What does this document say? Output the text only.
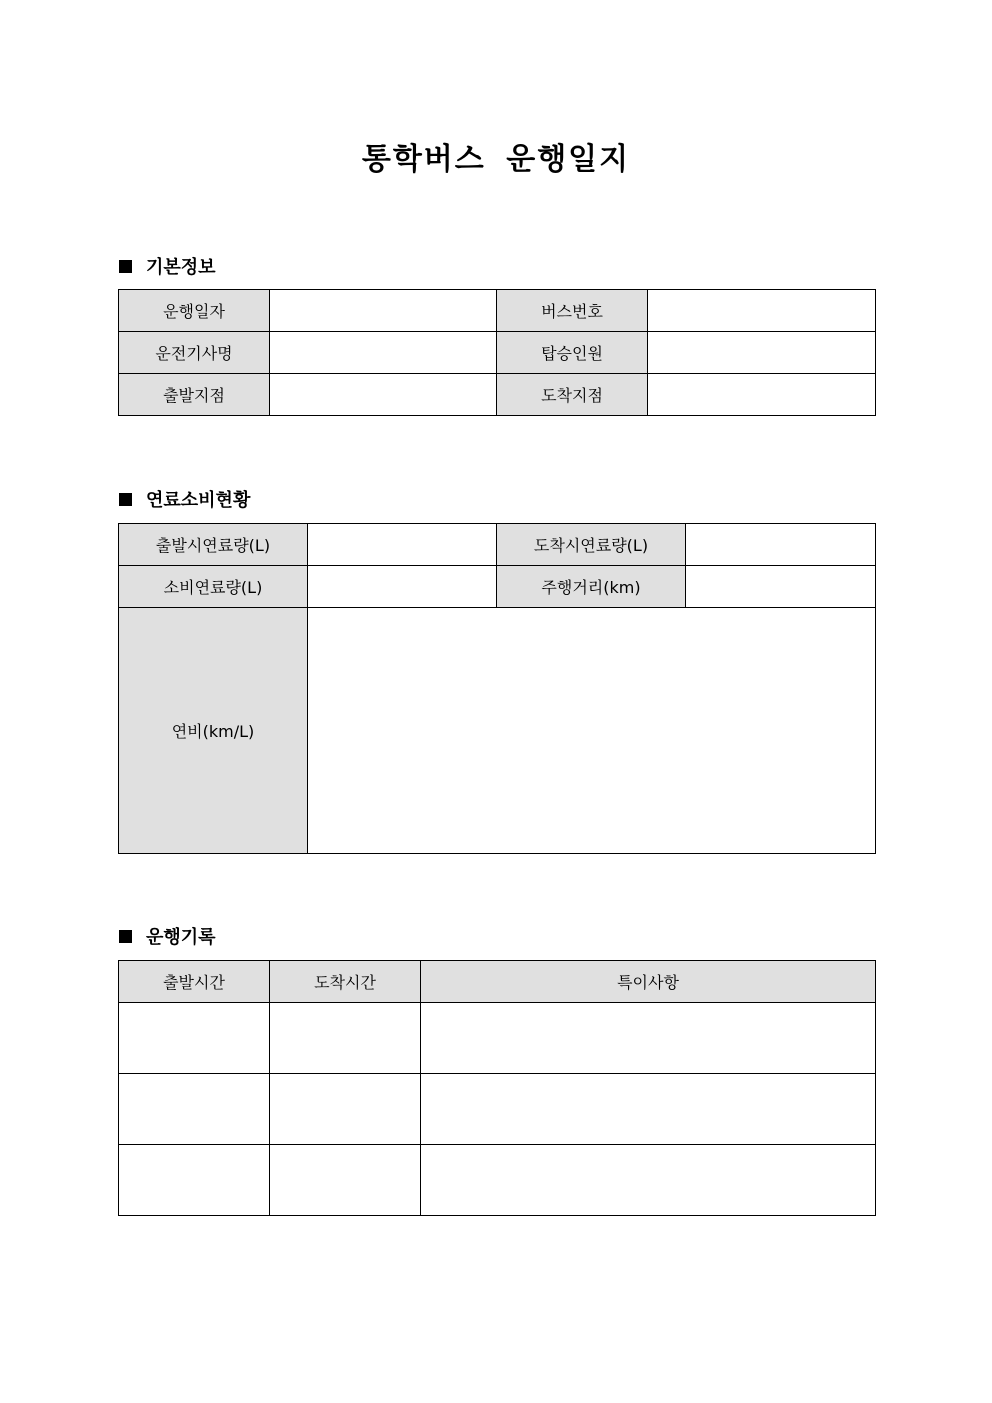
통학버스 운행일지
기본정보
운행일자		버스번호	
운전기사명		탑승인원	
출발지점		도착지점	
연료소비현황
출발시연료량(L)		도착시연료량(L)	
소비연료량(L)		주행거리(km)	
연비(km/L)			
운행기록
출발시간	도착시간	특이사항
